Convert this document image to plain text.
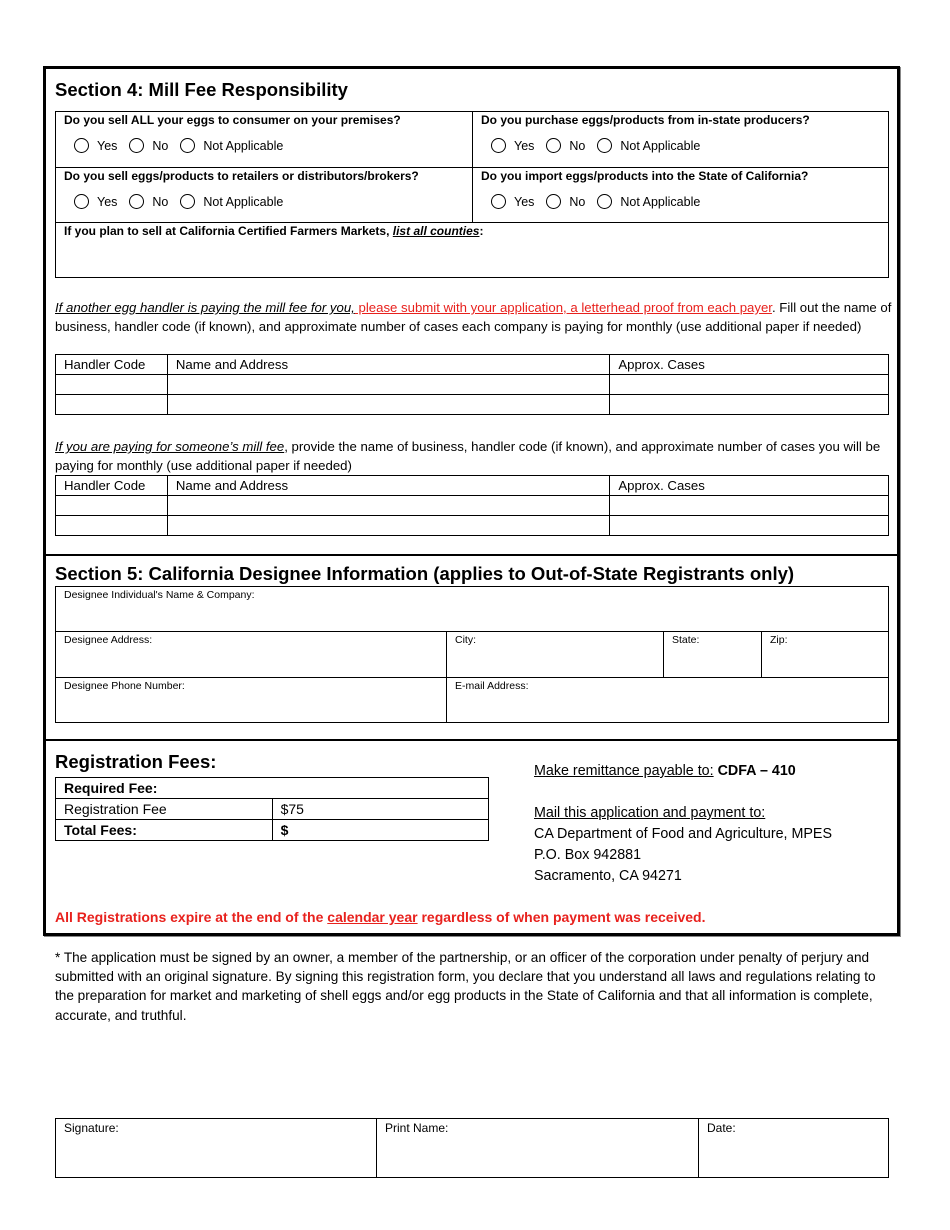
Section 4: Mill Fee Responsibility
Do you sell ALL your eggs to consumer on your premises?
Yes	No	Not Applicable
Do you purchase eggs/products from in-state producers?
Yes	No	Not Applicable
Do you sell eggs/products to retailers or distributors/brokers?
Yes	No	Not Applicable
Do you import eggs/products into the State of California?
Yes	No	Not Applicable
If you plan to sell at California Certified Farmers Markets, list all counties:
If another egg handler is paying the mill fee for you, please submit with your application, a letterhead proof from each payer. Fill out the name of business, handler code (if known), and approximate number of cases each company is paying for monthly (use additional paper if needed)
Handler Code	Name and Address	Approx. Cases

If you are paying for someone’s mill fee, provide the name of business, handler code (if known), and approximate number of cases you will be paying for monthly (use additional paper if needed)
Handler Code	Name and Address	Approx. Cases

Section 5: California Designee Information (applies to Out-of-State Registrants only)
Designee Individual's Name & Company:
Designee Address:	City:	State:	Zip:
Designee Phone Number:	E-mail Address:
Registration Fees:
Required Fee:	
Registration Fee	$75
Total Fees:	$
Make remittance payable to: CDFA – 410
Mail this application and payment to:
CA Department of Food and Agriculture, MPES
P.O. Box 942881
Sacramento, CA 94271
All Registrations expire at the end of the calendar year regardless of when payment was received.
* The application must be signed by an owner, a member of the partnership, or an officer of the corporation under penalty of perjury and submitted with an original signature. By signing this registration form, you declare that you understand all laws and regulations relating to the preparation for market and marketing of shell eggs and/or egg products in the State of California and that all information is complete, accurate, and truthful.
Signature:	Print Name:	Date:
